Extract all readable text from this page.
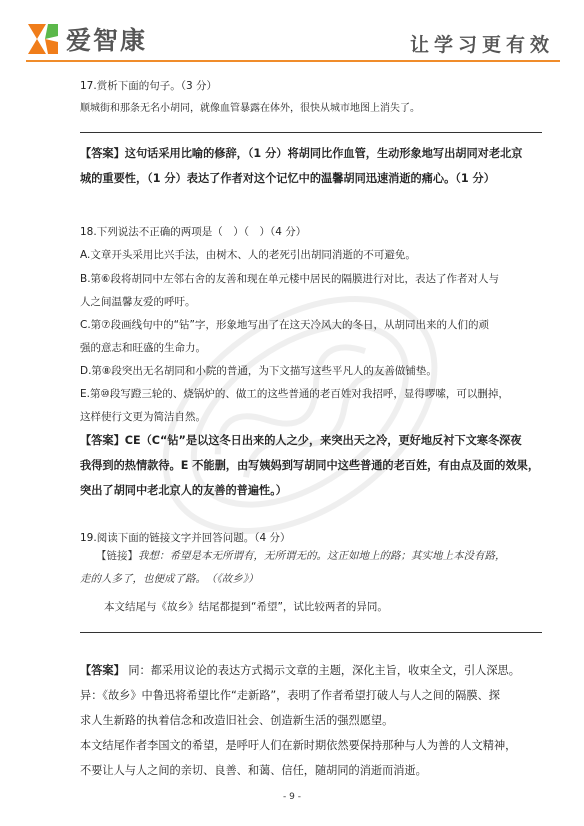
爱智康	让学习更有效
17.赏析下面的句子。（3 分）
顺城街和那条无名小胡同，就像血管暴露在体外，很快从城市地图上消失了。
【答案】这句话采用比喻的修辞，（1 分）将胡同比作血管，生动形象地写出胡同对老北京
城的重要性，（1 分）表达了作者对这个记忆中的温馨胡同迅速消逝的痛心。（1 分）
18.下列说法不正确的两项是（　）（　）（4 分）
A.文章开头采用比兴手法，由树木、人的老死引出胡同消逝的不可避免。
B.第⑥段将胡同中左邻右舍的友善和现在单元楼中居民的隔膜进行对比，表达了作者对人与
人之间温馨友爱的呼吁。
C.第⑦段画线句中的“钻”字，形象地写出了在这天冷风大的冬日，从胡同出来的人们的顽
强的意志和旺盛的生命力。
D.第⑧段突出无名胡同和小院的普通，为下文描写这些平凡人的友善做铺垫。
E.第⑩段写蹬三轮的、烧锅炉的、做工的这些普通的老百姓对我招呼，显得啰嗦，可以删掉，
这样使行文更为简洁自然。
【答案】CE（C“钻”是以这冬日出来的人之少，来突出天之冷，更好地反衬下文寒冬深夜
我得到的热情款待。E 不能删，由写姨妈到写胡同中这些普通的老百姓，有由点及面的效果，
突出了胡同中老北京人的友善的普遍性。）
19.阅读下面的链接文字并回答问题。（4 分）
【链接】我想：希望是本无所谓有，无所谓无的。这正如地上的路；其实地上本没有路，
走的人多了，也便成了路。　（《故乡》）
本文结尾与《故乡》结尾都提到“希望”，试比较两者的异同。
【答案】 同：都采用议论的表达方式揭示文章的主题，深化主旨，收束全文，引人深思。
异：《故乡》中鲁迅将希望比作“走新路”，表明了作者希望打破人与人之间的隔膜、探
求人生新路的执着信念和改造旧社会、创造新生活的强烈愿望。
本文结尾作者李国文的希望，是呼吁人们在新时期依然要保持那种与人为善的人文精神，
不要让人与人之间的亲切、良善、和蔼、信任，随胡同的消逝而消逝。
- 9 -
